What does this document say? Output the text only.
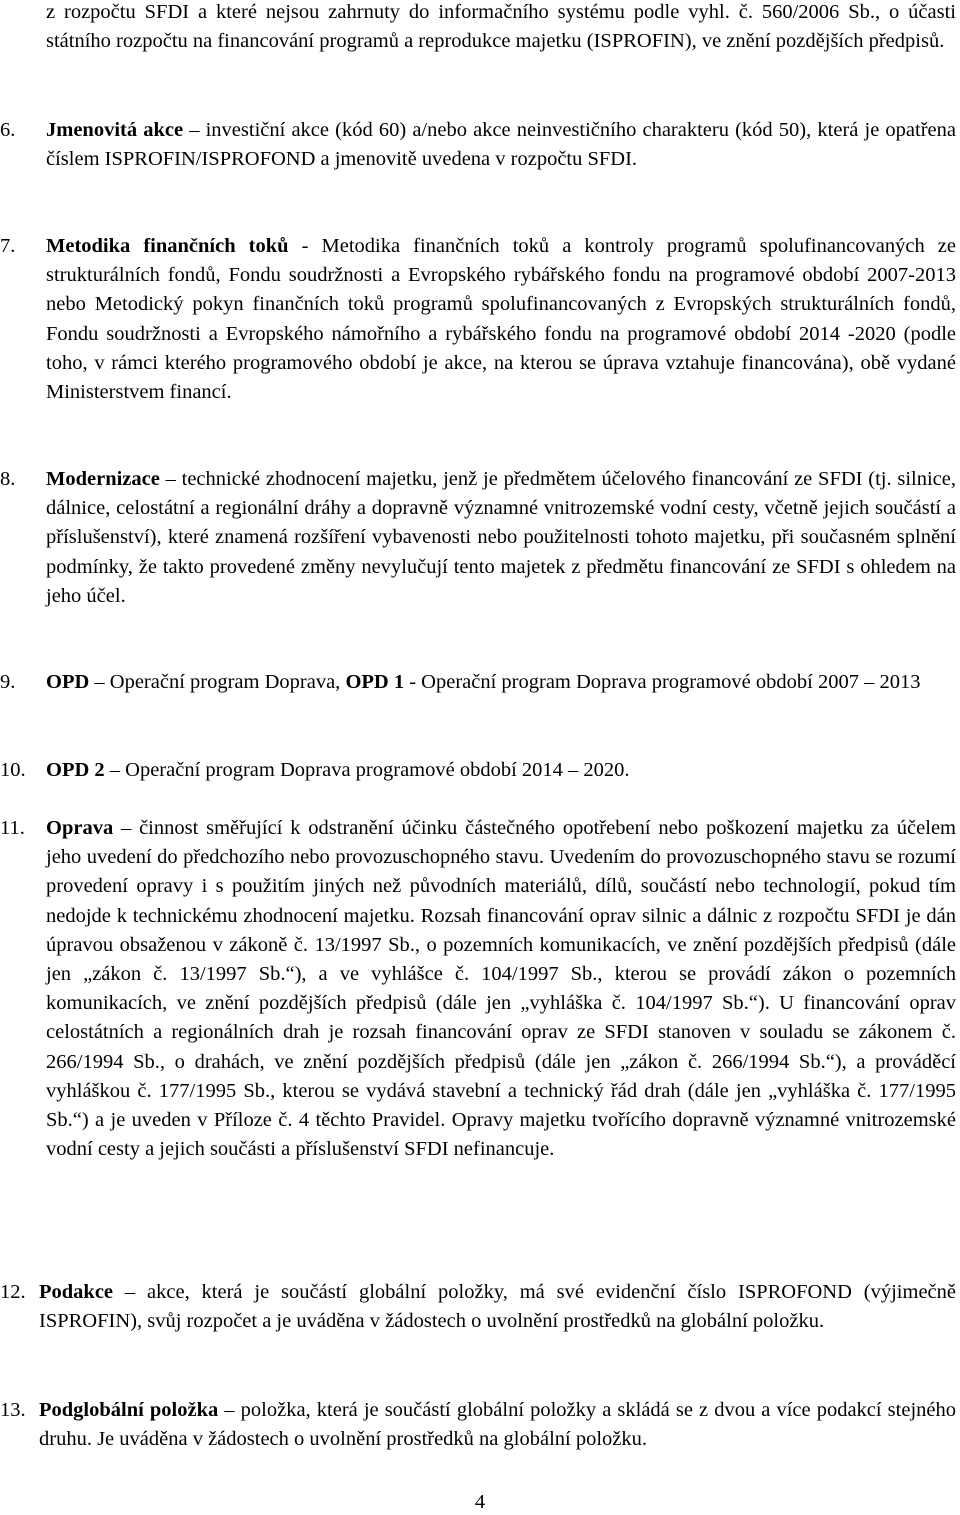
z rozpočtu SFDI a které nejsou zahrnuty do informačního systému podle vyhl. č. 560/2006 Sb., o účasti státního rozpočtu na financování programů a reprodukce majetku (ISPROFIN), ve znění pozdějších předpisů.

6.	Jmenovitá akce – investiční akce (kód 60) a/nebo akce neinvestičního charakteru (kód 50), která je opatřena číslem ISPROFIN/ISPROFOND a jmenovitě uvedena v rozpočtu SFDI.
7.	Metodika finančních toků - Metodika finančních toků a kontroly programů spolufinancovaných ze strukturálních fondů, Fondu soudržnosti a Evropského rybářského fondu na programové období 2007-2013 nebo Metodický pokyn finančních toků programů spolufinancovaných z Evropských strukturálních fondů, Fondu soudržnosti a Evropského námořního a rybářského fondu na programové období 2014 -2020 (podle toho, v rámci kterého programového období je akce, na kterou se úprava vztahuje financována), obě vydané Ministerstvem financí.
8.	Modernizace – technické zhodnocení majetku, jenž je předmětem účelového financování ze SFDI (tj. silnice, dálnice, celostátní a regionální dráhy a dopravně významné vnitrozemské vodní cesty, včetně jejich součástí a příslušenství), které znamená rozšíření vybavenosti nebo použitelnosti tohoto majetku, při současném splnění podmínky, že takto provedené změny nevylučují tento majetek z předmětu financování ze SFDI s ohledem na jeho účel.
9.	OPD – Operační program Doprava, OPD 1 - Operační program Doprava programové období 2007 – 2013
10. OPD 2 – Operační program Doprava programové období 2014 – 2020.
11.	Oprava – činnost směřující k odstranění účinku částečného opotřebení nebo poškození majetku za účelem jeho uvedení do předchozího nebo provozuschopného stavu. Uvedením do provozuschopného stavu se rozumí provedení opravy i s použitím jiných než původních materiálů, dílů, součástí nebo technologií, pokud tím nedojde k technickému zhodnocení majetku. Rozsah financování oprav silnic a dálnic z rozpočtu SFDI je dán úpravou obsaženou v zákoně č. 13/1997 Sb., o pozemních komunikacích, ve znění pozdějších předpisů (dále jen „zákon č. 13/1997 Sb.“), a ve vyhlášce č. 104/1997 Sb., kterou se provádí zákon o pozemních komunikacích, ve znění pozdějších předpisů (dále jen „vyhláška č. 104/1997 Sb.“). U financování oprav celostátních a regionálních drah je rozsah financování oprav ze SFDI stanoven v souladu se zákonem č. 266/1994 Sb., o drahách, ve znění pozdějších předpisů (dále jen „zákon č. 266/1994 Sb.“), a prováděcí vyhláškou č. 177/1995 Sb., kterou se vydává stavební a technický řád drah (dále jen „vyhláška č. 177/1995 Sb.“) a je uveden v Příloze č. 4 těchto Pravidel. Opravy majetku tvořícího dopravně významné vnitrozemské vodní cesty a jejich součásti a příslušenství SFDI nefinancuje.
12. Podakce – akce, která je součástí globální položky, má své evidenční číslo ISPROFOND (výjimečně ISPROFIN), svůj rozpočet a je uváděna v žádostech o uvolnění prostředků na globální položku.
13. Podglobální položka – položka, která je součástí globální položky a skládá se z dvou a více podakcí stejného druhu. Je uváděna v žádostech o uvolnění prostředků na globální položku.
4
